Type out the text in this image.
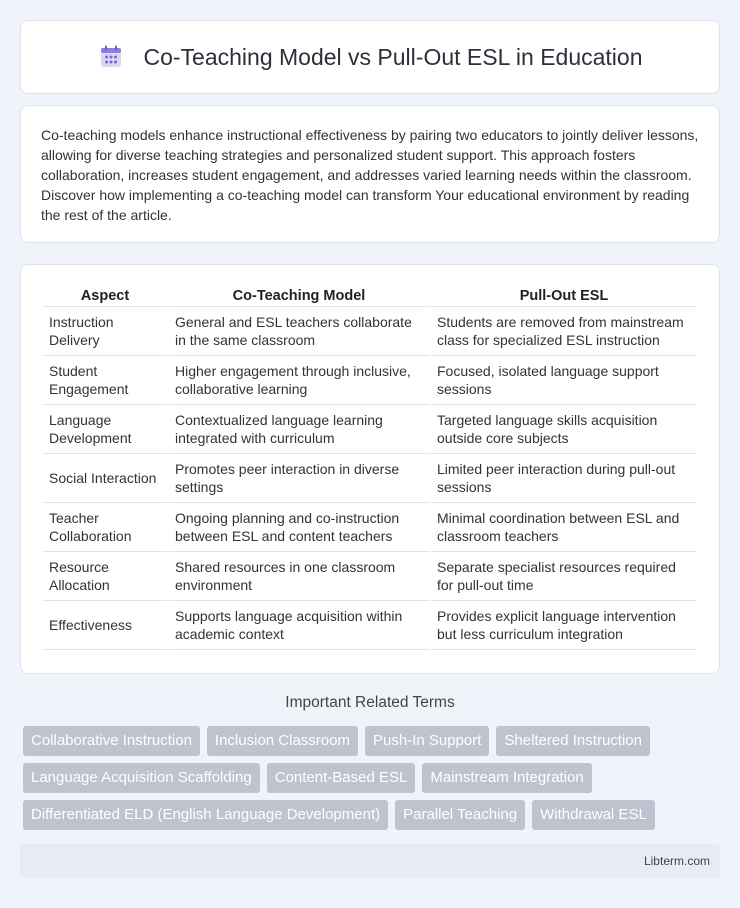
Co-Teaching Model vs Pull-Out ESL in Education

Co-teaching models enhance instructional effectiveness by pairing two educators to jointly deliver lessons, allowing for diverse teaching strategies and personalized student support. This approach fosters collaboration, increases student engagement, and addresses varied learning needs within the classroom. Discover how implementing a co-teaching model can transform Your educational environment by reading the rest of the article.

Aspect	Co-Teaching Model	Pull-Out ESL
Instruction Delivery	General and ESL teachers collaborate in the same classroom	Students are removed from mainstream class for specialized ESL instruction
Student Engagement	Higher engagement through inclusive, collaborative learning	Focused, isolated language support sessions
Language Development	Contextualized language learning integrated with curriculum	Targeted language skills acquisition outside core subjects
Social Interaction	Promotes peer interaction in diverse settings	Limited peer interaction during pull-out sessions
Teacher Collaboration	Ongoing planning and co-instruction between ESL and content teachers	Minimal coordination between ESL and classroom teachers
Resource Allocation	Shared resources in one classroom environment	Separate specialist resources required for pull-out time
Effectiveness	Supports language acquisition within academic context	Provides explicit language intervention but less curriculum integration
Important Related Terms
Collaborative Instruction	Inclusion Classroom	Push-In Support	Sheltered Instruction
Language Acquisition Scaffolding	Content-Based ESL	Mainstream Integration
Differentiated ELD (English Language Development)	Parallel Teaching	Withdrawal ESL
Libterm.com
